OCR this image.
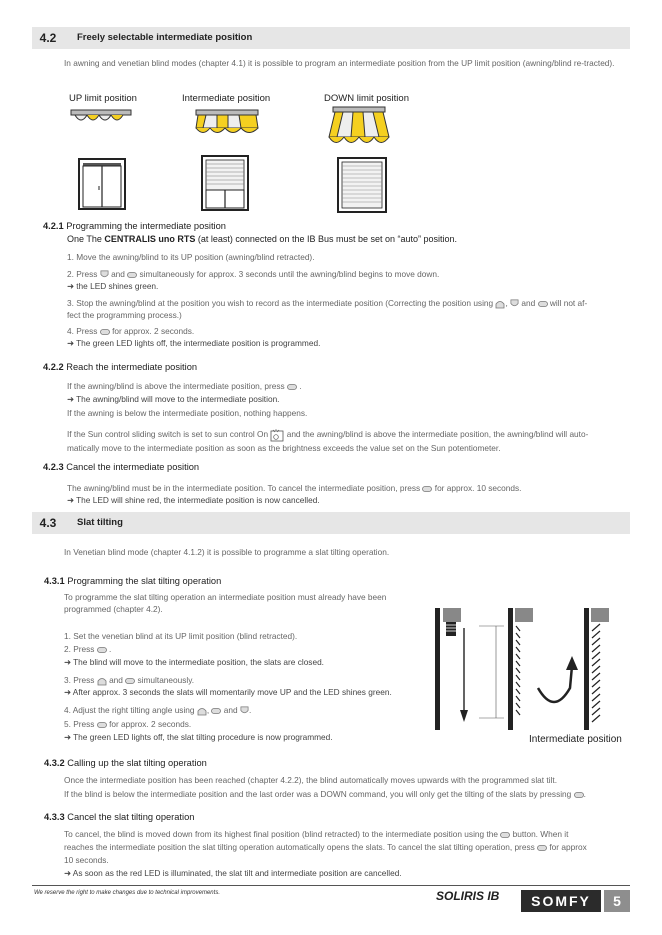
4.2	Freely selectable intermediate position
In awning and venetian blind modes (chapter 4.1) it is possible to program an intermediate position from the UP limit position (awning/blind re-tracted).
UP limit position	Intermediate position	DOWN limit position
4.2.1 Programming the intermediate position
One The CENTRALIS uno RTS (at least) connected on the IB Bus must be set on “auto” position.
1. Move the awning/blind to its UP position (awning/blind retracted).
2. Press and simultaneously for approx. 3 seconds until the awning/blind begins to move down.
➜ the LED shines green.
3. Stop the awning/blind at the position you wish to record as the intermediate position (Correcting the position using , and will not af-
fect the programming process.)
4. Press for approx. 2 seconds.
➜ The green LED lights off, the intermediate position is programmed.
4.2.2 Reach the intermediate position
If the awning/blind is above the intermediate position, press  .
➜ The awning/blind will move to the intermediate position.
If the awning is below the intermediate position, nothing happens.
If the Sun control sliding switch is set to sun control On and the awning/blind is above the intermediate position, the awning/blind will auto-
matically move to the intermediate position as soon as the brightness exceeds the value set on the Sun potentiometer.
4.2.3 Cancel the intermediate position
The awning/blind must be in the intermediate position. To cancel the intermediate position, press for approx. 10 seconds.
➜ The LED will shine red, the intermediate position is now cancelled.
4.3	Slat tilting
In Venetian blind mode (chapter 4.1.2) it is possible to programme a slat tilting operation.
4.3.1 Programming the slat tilting operation
To programme the slat tilting operation an intermediate position must already have been
programmed (chapter 4.2).
1. Set the venetian blind at its UP limit position (blind retracted).
2. Press  .
➜ The blind will move to the intermediate position, the slats are closed.
3. Press and simultaneously.
➜ After approx. 3 seconds the slats will momentarily move UP and the LED shines green.
4. Adjust the right tilting angle using , and .
5. Press for approx. 2 seconds.
➜ The green LED lights off, the slat tilting procedure is now programmed.	Intermediate position
4.3.2 Calling up the slat tilting operation
Once the intermediate position has been reached (chapter 4.2.2), the blind automatically moves upwards with the programmed slat tilt.
If the blind is below the intermediate position and the last order was a DOWN command, you will only get the tilting of the slats by pressing .
4.3.3 Cancel the slat tilting operation
To cancel, the blind is moved down from its highest final position (blind retracted) to the intermediate position using the button. When it
reaches the intermediate position the slat tilting operation automatically opens the slats. To cancel the slat tilting operation, press for approx
10 seconds.
➜ As soon as the red LED is illuminated, the slat tilt and intermediate position are cancelled.
We reserve the right to make changes due to technical improvements.	SOLIRIS IB	SOMFY	5
